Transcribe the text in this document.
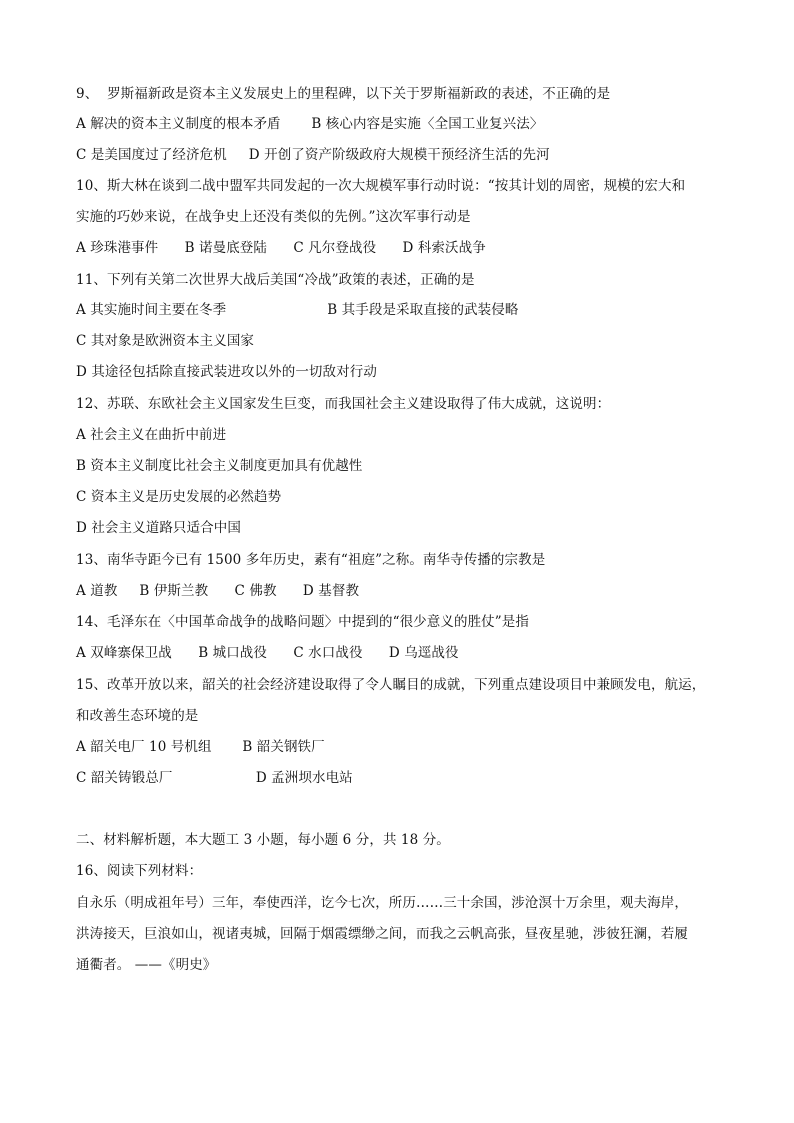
9、  罗斯福新政是资本主义发展史上的里程碑，以下关于罗斯福新政的表述，不正确的是
A 解决的资本主义制度的根本矛盾       B 核心内容是实施〈全国工业复兴法〉
C 是美国度过了经济危机     D 开创了资产阶级政府大规模干预经济生活的先河
10、斯大林在谈到二战中盟军共同发起的一次大规模军事行动时说：“按其计划的周密，规模的宏大和
实施的巧妙来说，在战争史上还没有类似的先例。”这次军事行动是
A 珍珠港事件      B 诺曼底登陆      C 凡尔登战役      D 科索沃战争
11、下列有关第二次世界大战后美国“冷战”政策的表述，正确的是
A 其实施时间主要在冬季                       B 其手段是采取直接的武装侵略
C 其对象是欧洲资本主义国家
D 其途径包括除直接武装进攻以外的一切敌对行动
12、苏联、东欧社会主义国家发生巨变，而我国社会主义建设取得了伟大成就，这说明：
A 社会主义在曲折中前进
B 资本主义制度比社会主义制度更加具有优越性
C 资本主义是历史发展的必然趋势
D 社会主义道路只适合中国
13、南华寺距今已有 1500 多年历史，素有“祖庭”之称。南华寺传播的宗教是
A 道教     B 伊斯兰教      C 佛教      D 基督教
14、毛泽东在〈中国革命战争的战略问题〉中提到的“很少意义的胜仗”是指
A 双峰寨保卫战      B 城口战役      C 水口战役      D 乌逕战役
15、改革开放以来，韶关的社会经济建设取得了令人瞩目的成就，下列重点建设项目中兼顾发电，航运，
和改善生态环境的是
A 韶关电厂 10 号机组       B 韶关钢铁厂
C 韶关铸锻总厂                   D 孟洲坝水电站
二、材料解析题，本大题工 3 小题，每小题 6 分，共 18 分。
16、阅读下列材料：
自永乐（明成祖年号）三年，奉使西洋，讫今七次，所历……三十余国，涉沧溟十万余里，观夫海岸，
洪涛接天，巨浪如山，视诸夷城，回隔于烟霞缥缈之间，而我之云帆高张，昼夜星驰，涉彼狂澜，若履
通衢者。 ——《明史》
